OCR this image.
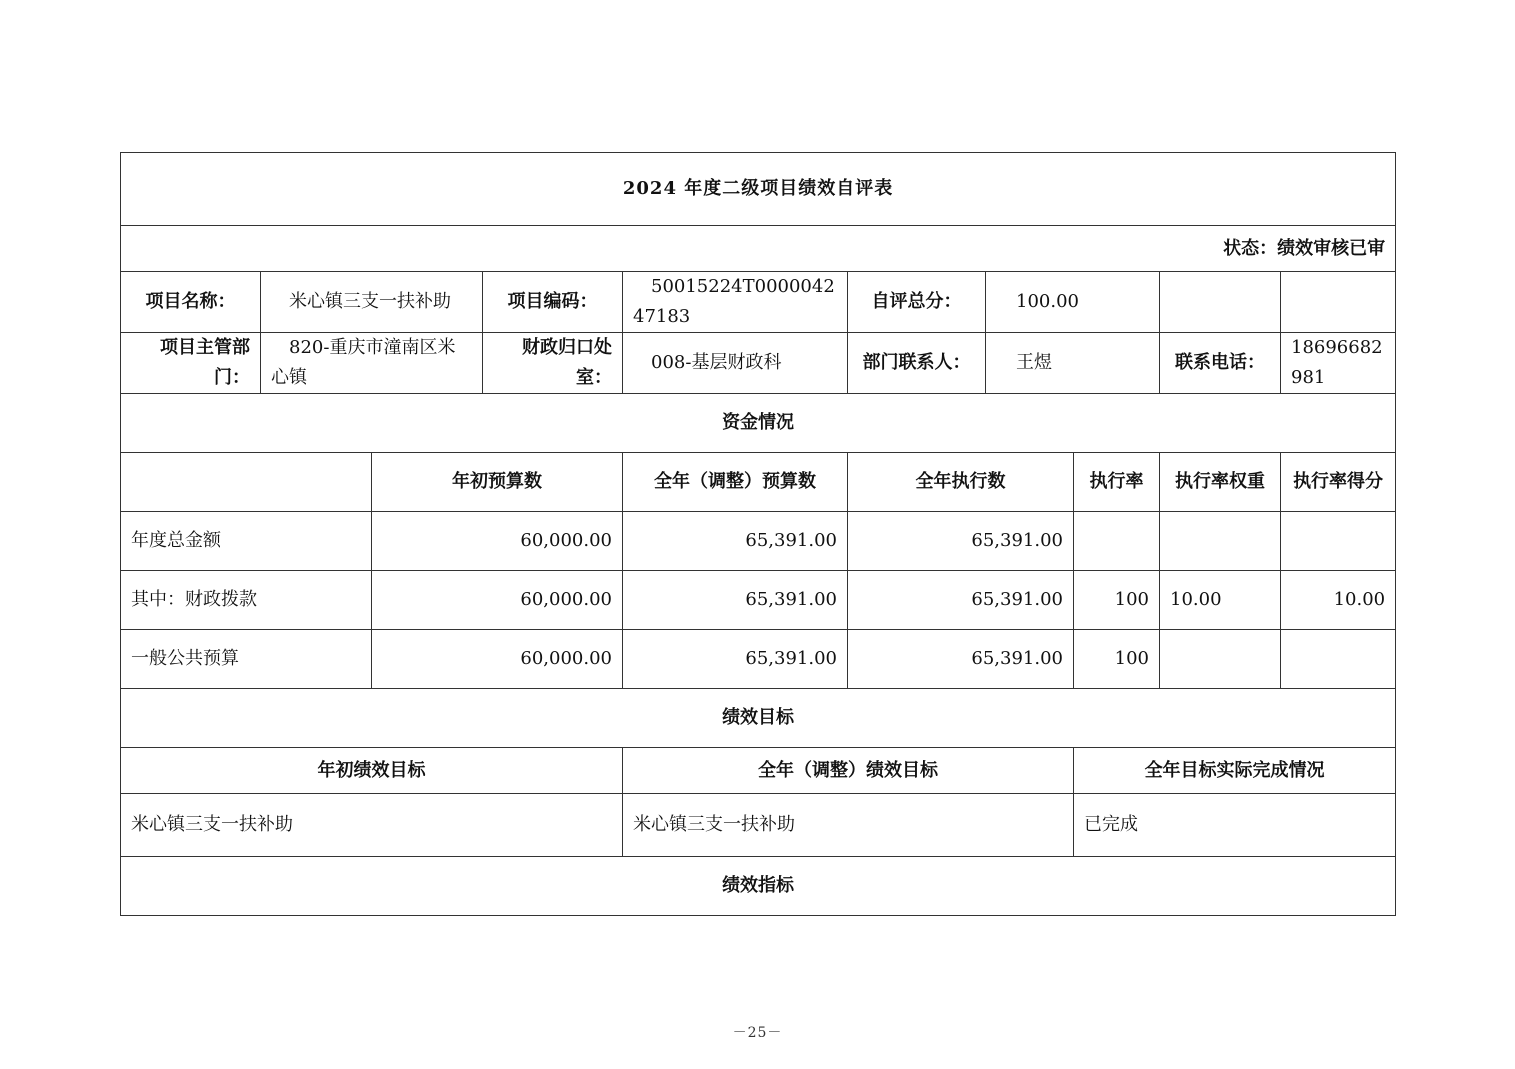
2024 年度二级项目绩效自评表									
状态：绩效审核已审									
项目名称：	米心镇三支一扶补助		项目编码：	50015224T000004247183	自评总分：	100.00			
项目主管部门：	820-重庆市潼南区米心镇		财政归口处室：	008-基层财政科	部门联系人：	王煜		联系电话：	18696682981
资金情况									
		年初预算数		全年（调整）预算数	全年执行数		执行率	执行率权重	执行率得分
年度总金额		60,000.00		65,391.00	65,391.00				
其中：财政拨款		60,000.00		65,391.00	65,391.00		100	10.00	10.00
一般公共预算		60,000.00		65,391.00	65,391.00		100		
绩效目标									
年初绩效目标				全年（调整）绩效目标			全年目标实际完成情况		
米心镇三支一扶补助				米心镇三支一扶补助			已完成		
绩效指标									
－25－
